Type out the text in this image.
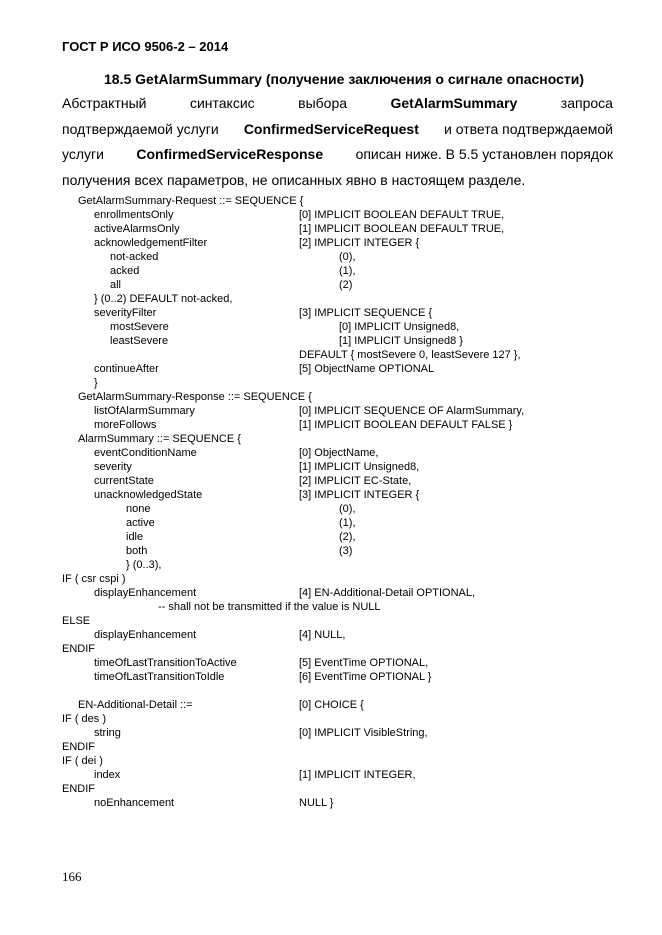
ГОСТ Р ИСО 9506-2 – 2014
18.5 GetAlarmSummary (получение заключения о сигнале опасности)
Абстрактный	синтаксис	выбора	GetAlarmSummary	запроса
подтверждаемой услуги ConfirmedServiceRequest и ответа подтверждаемой
услуги ConfirmedServiceResponse описан ниже. В 5.5 установлен порядок
получения всех параметров, не описанных явно в настоящем разделе.
GetAlarmSummary-Request ::= SEQUENCE {
enrollmentsOnly	[0] IMPLICIT BOOLEAN DEFAULT TRUE,
activeAlarmsOnly	[1] IMPLICIT BOOLEAN DEFAULT TRUE,
acknowledgementFilter	[2] IMPLICIT INTEGER {
not-acked	(0),
acked	(1),
all	(2)
} (0..2) DEFAULT not-acked,
severityFilter	[3] IMPLICIT SEQUENCE {
mostSevere	[0] IMPLICIT Unsigned8,
leastSevere	[1] IMPLICIT Unsigned8 }
DEFAULT { mostSevere 0, leastSevere 127 },
continueAfter	[5] ObjectName OPTIONAL
}
GetAlarmSummary-Response ::= SEQUENCE {
listOfAlarmSummary	[0] IMPLICIT SEQUENCE OF AlarmSummary,
moreFollows	[1] IMPLICIT BOOLEAN DEFAULT FALSE }
AlarmSummary ::= SEQUENCE {
eventConditionName	[0] ObjectName,
severity	[1] IMPLICIT Unsigned8,
currentState	[2] IMPLICIT EC-State,
unacknowledgedState	[3] IMPLICIT INTEGER {
none	(0),
active	(1),
idle	(2),
both	(3)
} (0..3),
IF ( csr cspi )
displayEnhancement	[4] EN-Additional-Detail OPTIONAL,
-- shall not be transmitted if the value is NULL
ELSE
displayEnhancement	[4] NULL,
ENDIF
timeOfLastTransitionToActive	[5] EventTime OPTIONAL,
timeOfLastTransitionToIdle	[6] EventTime OPTIONAL }
EN-Additional-Detail ::=	[0] CHOICE {
IF ( des )
string	[0] IMPLICIT VisibleString,
ENDIF
IF ( dei )
index	[1] IMPLICIT INTEGER,
ENDIF
noEnhancement	NULL }
166
